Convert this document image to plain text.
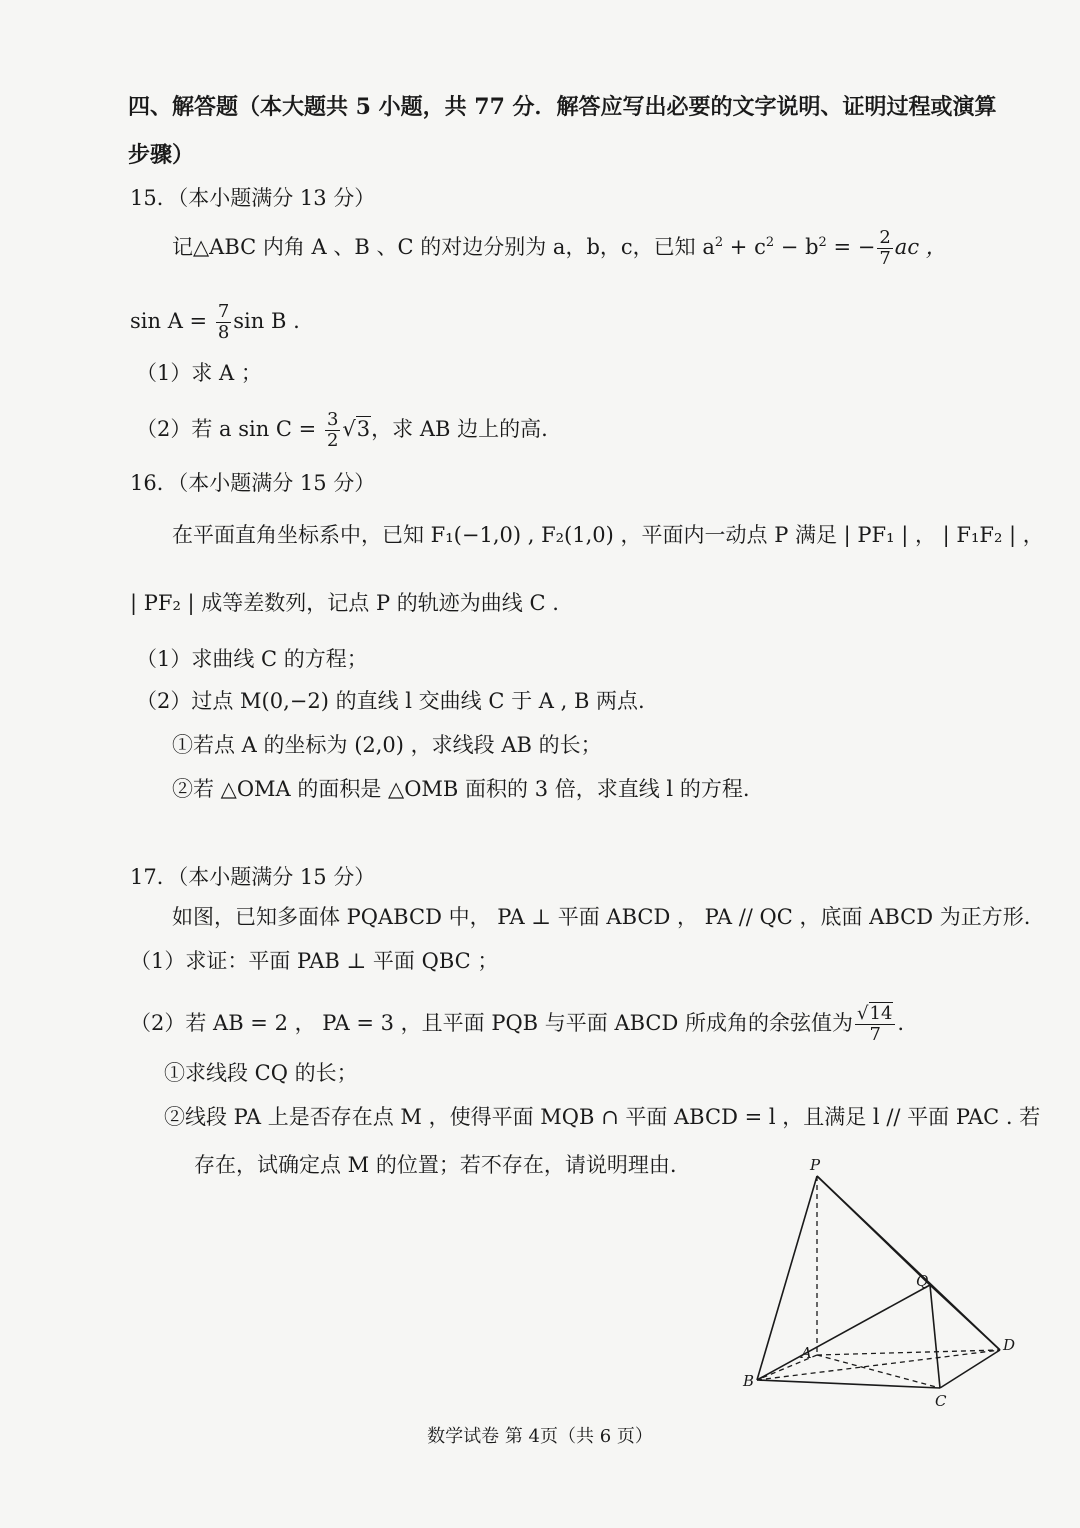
四、解答题（本大题共 5 小题，共 77 分．解答应写出必要的文字说明、证明过程或演算
步骤）
15．（本小题满分 13 分）
记△ABC 内角 A 、B 、C 的对边分别为 a，b，c，已知 $a^2 + c^2 - b^2$ = − $\frac{2}{7}$ ac ，
$\sin A = \frac{7}{8}$ sin B .
（1）求 A ；
（2）若 a $\sin C = \frac{3}{2} √3$，求 AB 边上的高.
16．（本小题满分 15 分）
在平面直角坐标系中，已知 F₁(−1,0) , F₂(1,0) ，平面内一动点 P 满足 | PF₁ | ， | F₁F₂ | ，
| PF₂ | 成等差数列，记点 P 的轨迹为曲线 C .
（1）求曲线 C 的方程；
（2）过点 M(0,−2) 的直线 l 交曲线 C 于 A , B 两点.
①若点 A 的坐标为 (2,0) ，求线段 AB 的长；
②若 △OMA 的面积是 △OMB 面积的 3 倍，求直线 l 的方程.
17．（本小题满分 15 分）
如图，已知多面体 PQABCD 中， PA ⊥ 平面 ABCD ， PA // QC ，底面 ABCD 为正方形.
（1）求证：平面 PAB ⊥ 平面 QBC ；
（2）若 AB = 2 ， PA = 3 ，且平面 PQB 与平面 ABCD 所成角的余弦值为 $\frac{√14}{7}$ .
①求线段 CQ 的长；
②线段 PA 上是否存在点 M ，使得平面 MQB ∩ 平面 ABCD = l ，且满足 l // 平面 PAC . 若
存在，试确定点 M 的位置；若不存在，请说明理由.	P
Q
A
B
C
D
数学试卷 第 4页（共 6 页）
